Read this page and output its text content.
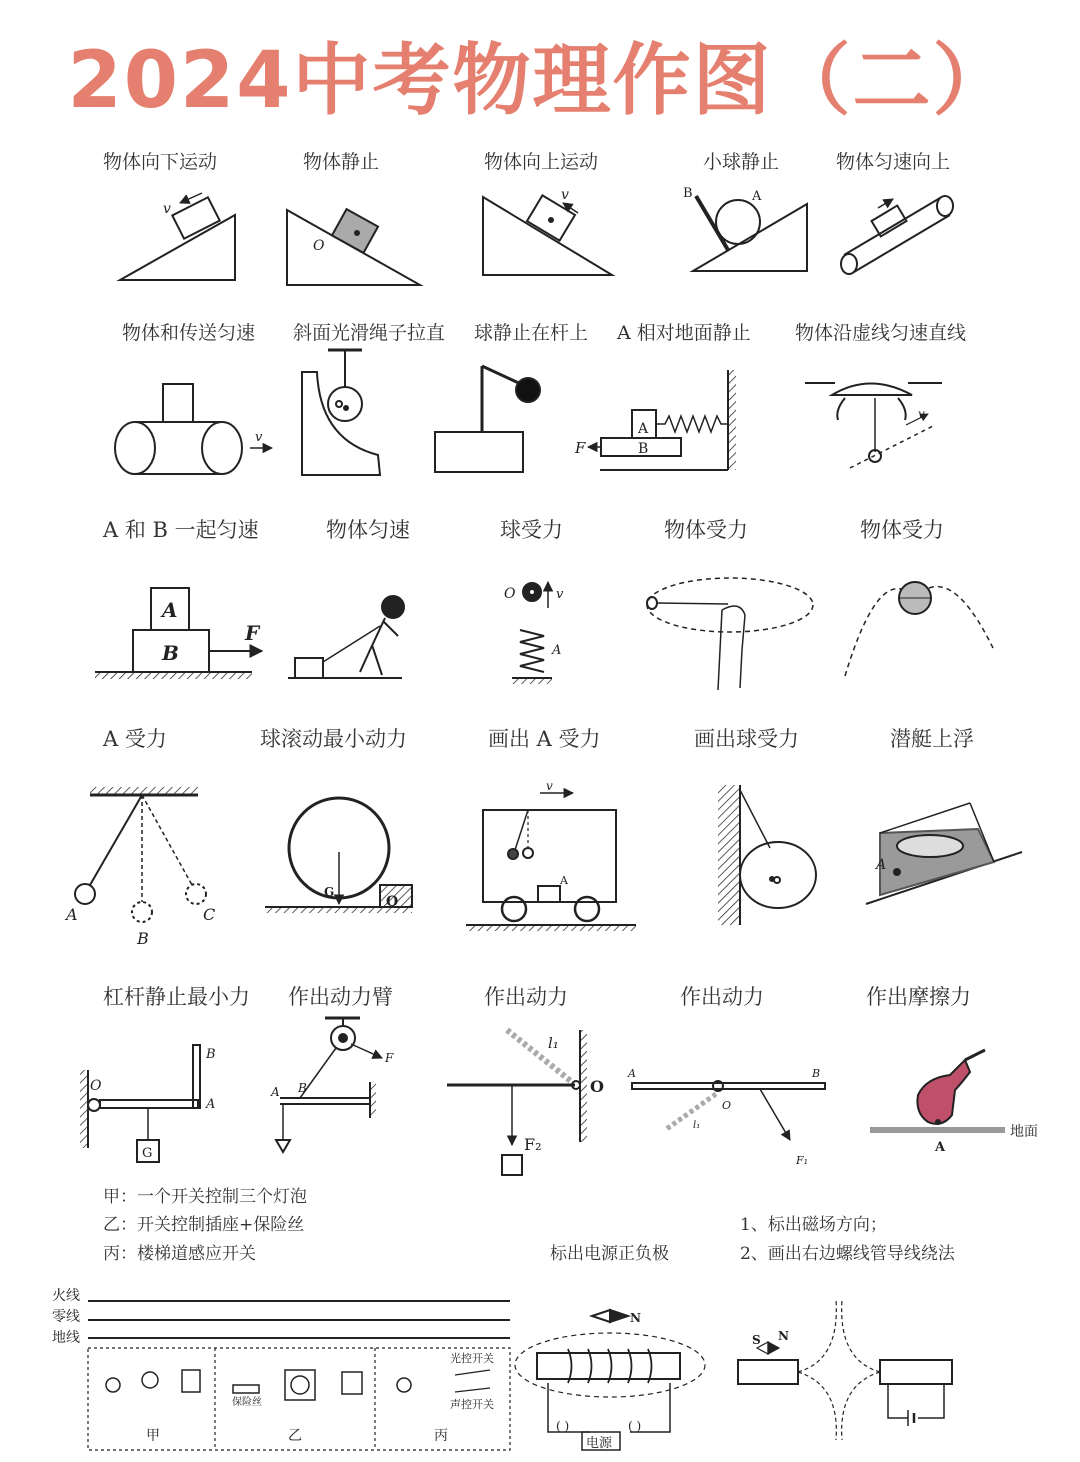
2024中考物理作图（二）
物体向下运动	物体静止	物体向上运动	小球静止	物体匀速向上
物体和传送匀速 斜面光滑绳子拉直 球静止在杆上 A 相对地面静止 物体沿虚线匀速直线
A 和 B 一起匀速	物体匀速	球受力	物体受力	物体受力
A 受力	球滚动最小动力	画出 A 受力	画出球受力	潜艇上浮
杠杆静止最小力 作出动力臂	作出动力	作出动力	作出摩擦力
甲：一个开关控制三个灯泡
乙：开关控制插座+保险丝
丙：楼梯道感应开关	标出电源正负极
1、标出磁场方向；
2、画出右边螺线管导线绕法
v
O
v	B	A
v
F
A
B
v
A
B
F
O	v
A
A
B
C
G
O
v
A
A
G
O
B
A
F
B
A	O
F₂
l₁
A	B
O
F₁
l₁
A
地面
火线
零线
地线
保险丝
光控开关
声控开关
甲	乙	丙
N
( )	( )
电源
S N
